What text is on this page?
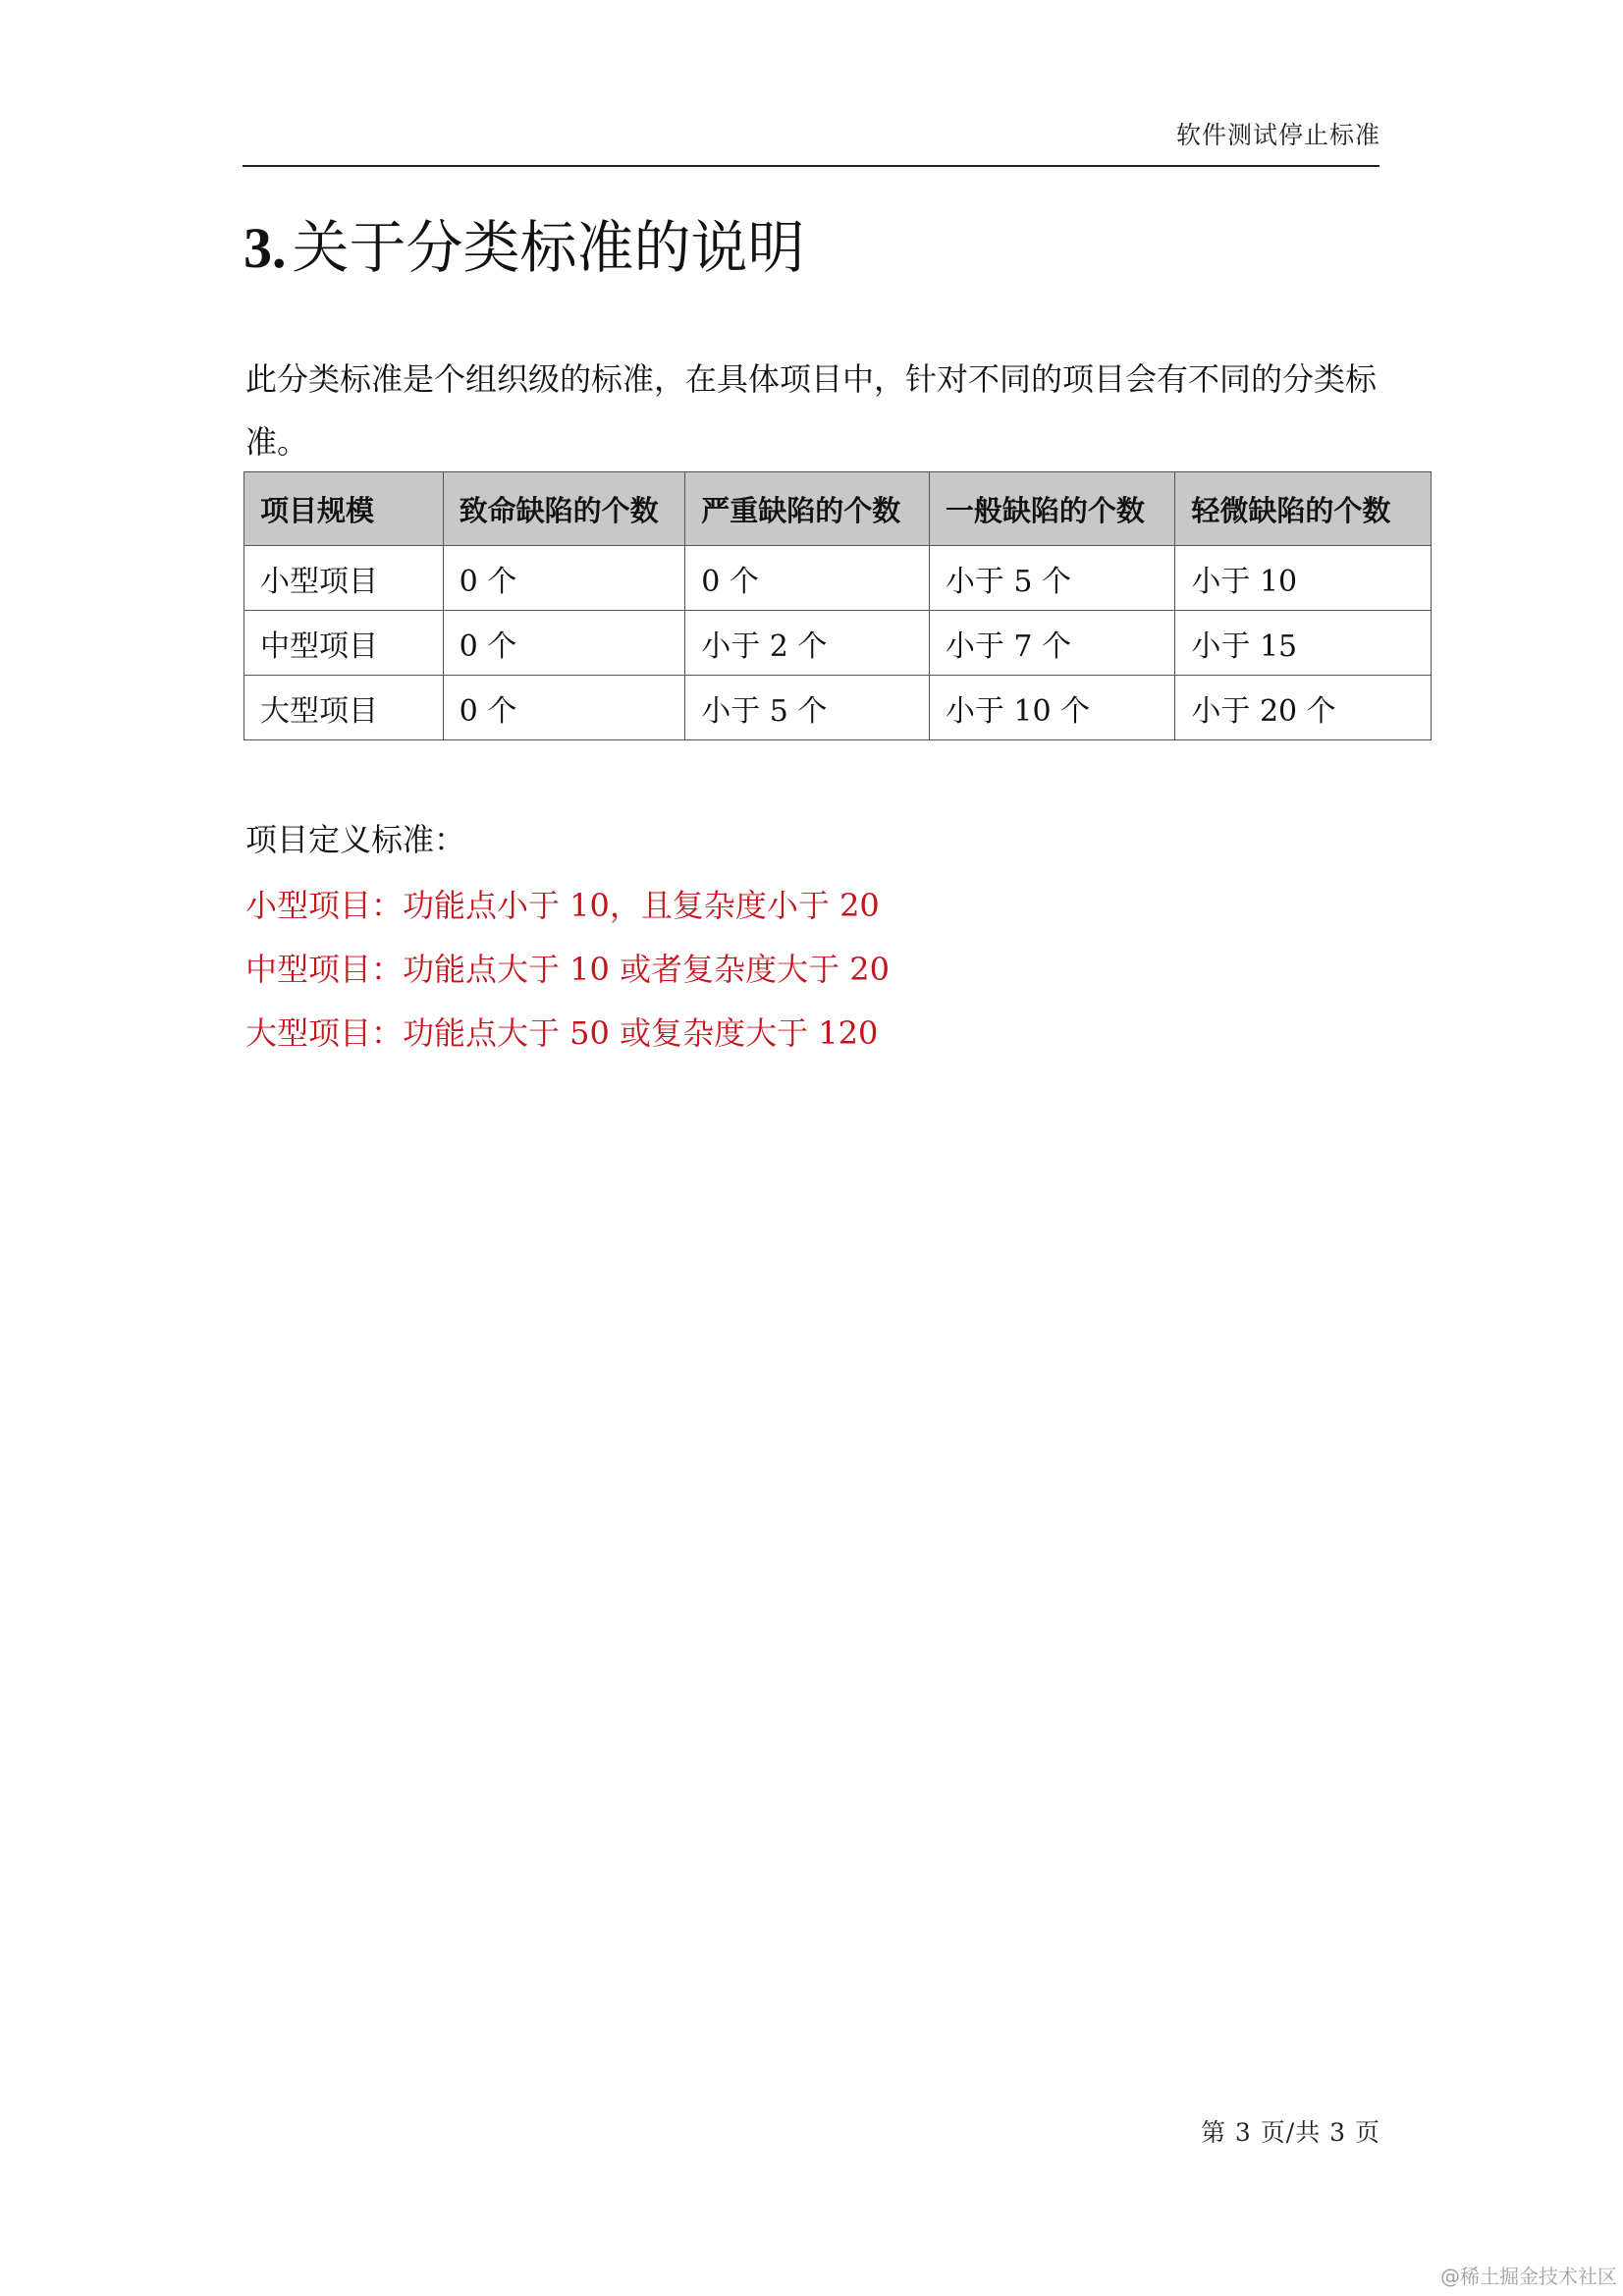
软件测试停止标准
3. 关于分类标准的说明
此分类标准是个组织级的标准，在具体项目中，针对不同的项目会有不同的分类标准。
项目规模	致命缺陷的个数	严重缺陷的个数	一般缺陷的个数	轻微缺陷的个数
小型项目	0 个	0 个	小于 5 个	小于 10
中型项目	0 个	小于 2 个	小于 7 个	小于 15
大型项目	0 个	小于 5 个	小于 10 个	小于 20 个
项目定义标准：
小型项目：功能点小于 10，且复杂度小于 20
中型项目：功能点大于 10 或者复杂度大于 20
大型项目：功能点大于 50 或复杂度大于 120
第 3 页/共 3 页
@稀土掘金技术社区
